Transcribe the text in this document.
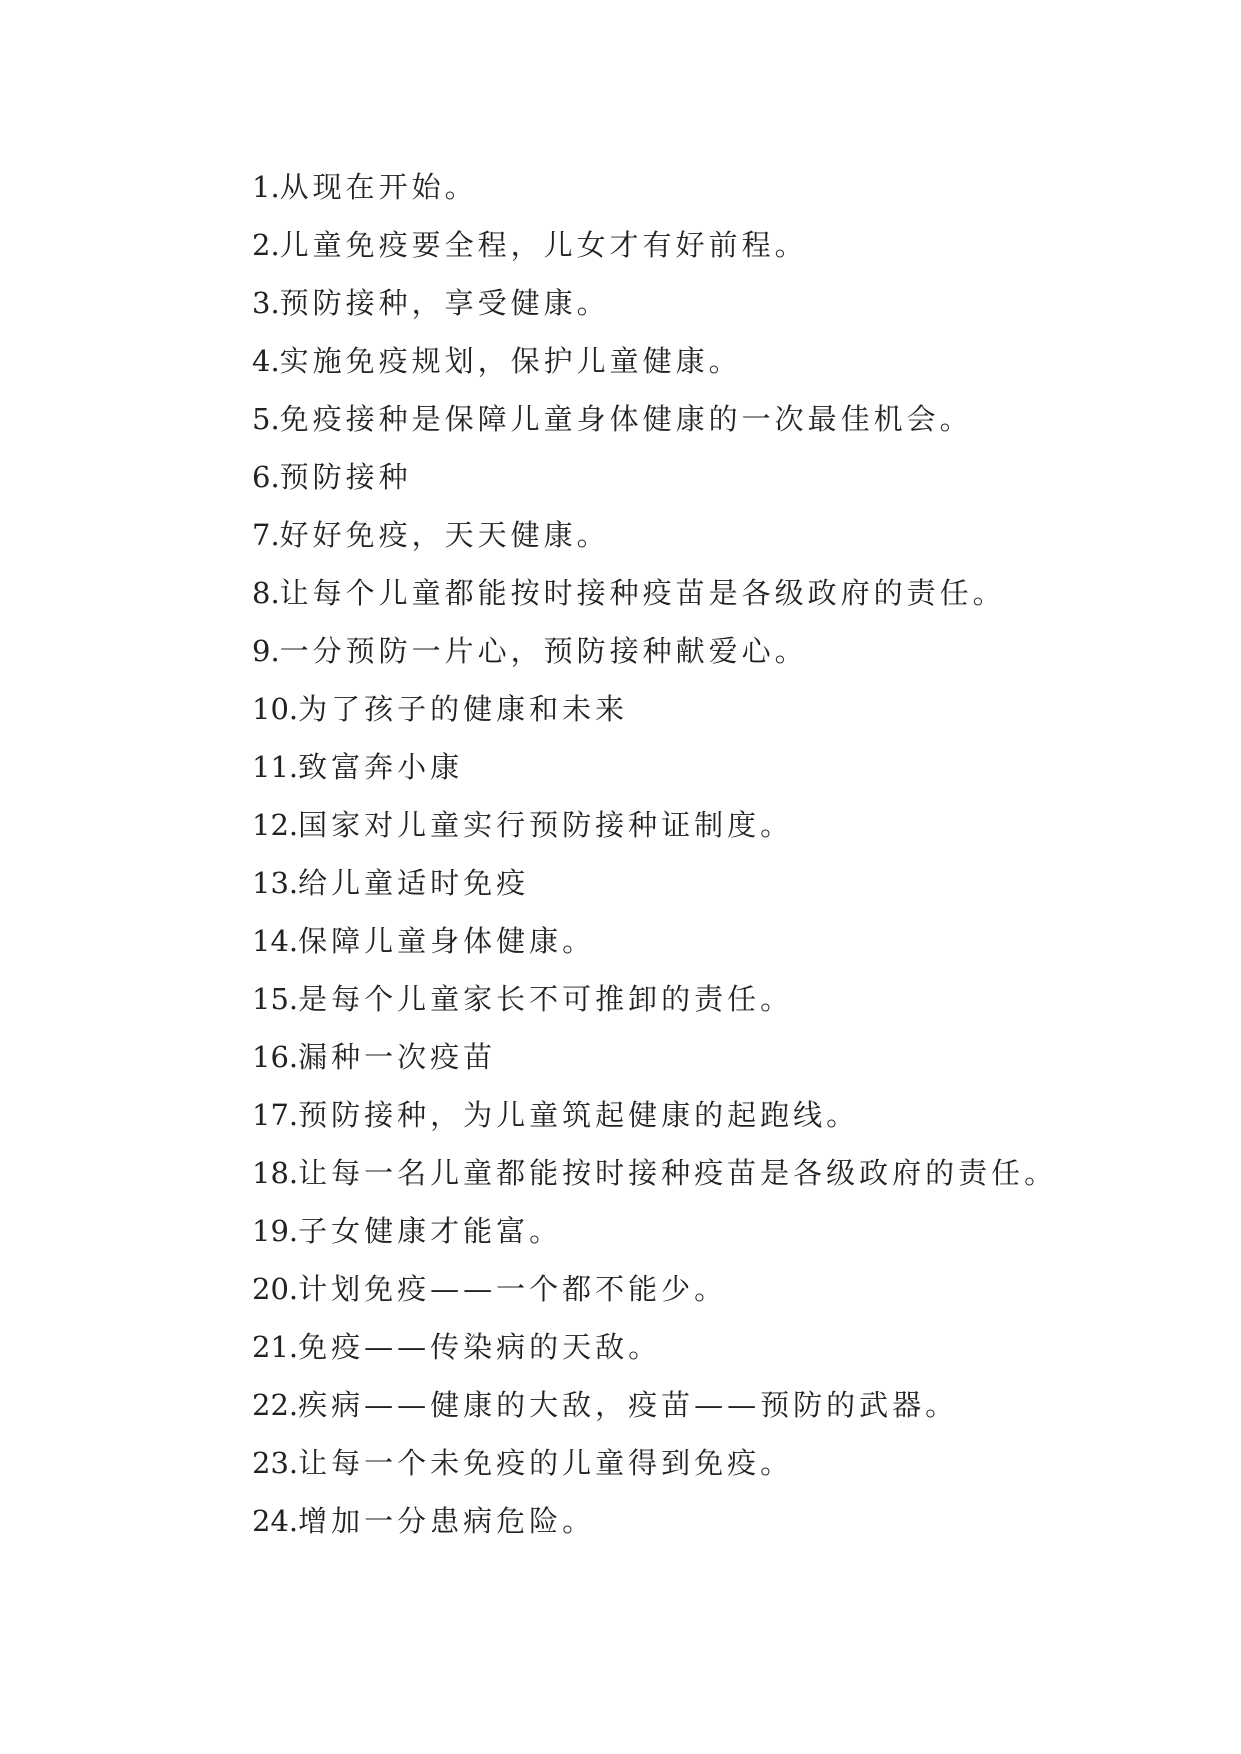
1.从现在开始。
2.儿童免疫要全程，儿女才有好前程。
3.预防接种，享受健康。
4.实施免疫规划，保护儿童健康。
5.免疫接种是保障儿童身体健康的一次最佳机会。
6.预防接种
7.好好免疫，天天健康。
8.让每个儿童都能按时接种疫苗是各级政府的责任。
9.一分预防一片心，预防接种献爱心。
10.为了孩子的健康和未来
11.致富奔小康
12.国家对儿童实行预防接种证制度。
13.给儿童适时免疫
14.保障儿童身体健康。
15.是每个儿童家长不可推卸的责任。
16.漏种一次疫苗
17.预防接种，为儿童筑起健康的起跑线。
18.让每一名儿童都能按时接种疫苗是各级政府的责任。
19.子女健康才能富。
20.计划免疫——一个都不能少。
21.免疫——传染病的天敌。
22.疾病——健康的大敌，疫苗——预防的武器。
23.让每一个未免疫的儿童得到免疫。
24.增加一分患病危险。
